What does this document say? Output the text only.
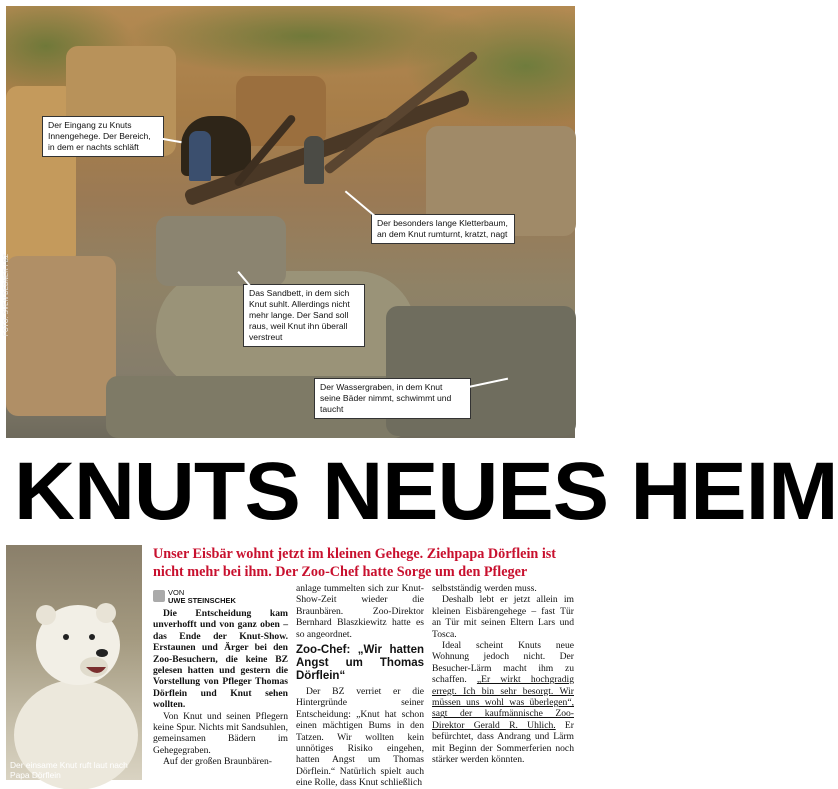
Der Eingang zu Knuts Innengehege. Der Bereich, in dem er nachts schläft
Der besonders lange Kletterbaum, an dem Knut rumturnt, kratzt, nagt
Das Sandbett, in dem sich Knut suhlt. Allerdings nicht mehr lange. Der Sand soll raus, weil Knut ihn überall verstreut
Der Wassergraben, in dem Knut seine Bäder nimmt, schwimmt und taucht
FOTO: SVEN DEBNER / BZ
KNUTS NEUES HEIM
Der einsame Knut ruft laut nach Papa Dörflein
Unser Eisbär wohnt jetzt im kleinen Gehege. Ziehpapa Dörflein ist nicht mehr bei ihm. Der Zoo-Chef hatte Sorge um den Pfleger
VON
UWE STEINSCHEK

Die Entscheidung kam unverhofft und von ganz oben – das Ende der Knut-Show. Erstaunen und Ärger bei den Zoo-Besuchern, die keine BZ gelesen hatten und gestern die Vorstellung von Pfleger Thomas Dörflein und Knut sehen wollten.

Von Knut und seinen Pflegern keine Spur. Nichts mit Sandsuhlen, gemeinsamen Bädern im Gehegegraben.

Auf der großen Braunbären-

anlage tummelten sich zur Knut-Show-Zeit wieder die Braunbären. Zoo-Direktor Bernhard Blaszkiewitz hatte es so angeordnet.

Zoo-Chef: „Wir hatten Angst um Thomas Dörflein“

Der BZ verriet er die Hintergründe seiner Entscheidung: „Knut hat schon einen mächtigen Bums in den Tatzen. Wir wollten kein unnötiges Risiko eingehen, hatten Angst um Thomas Dörflein.“ Natürlich spielt auch eine Rolle, dass Knut schließlich

selbstständig werden muss.

Deshalb lebt er jetzt allein im kleinen Eisbärengehege – fast Tür an Tür mit seinen Eltern Lars und Tosca.

Ideal scheint Knuts neue Wohnung jedoch nicht. Der Besucher-Lärm macht ihm zu schaffen. „Er wirkt hochgradig erregt. Ich bin sehr besorgt. Wir müssen uns wohl was überlegen“, sagt der kaufmännische Zoo-Direktor Gerald R. Uhlich. Er befürchtet, dass Andrang und Lärm mit Beginn der Sommerferien noch stärker werden könnten.
